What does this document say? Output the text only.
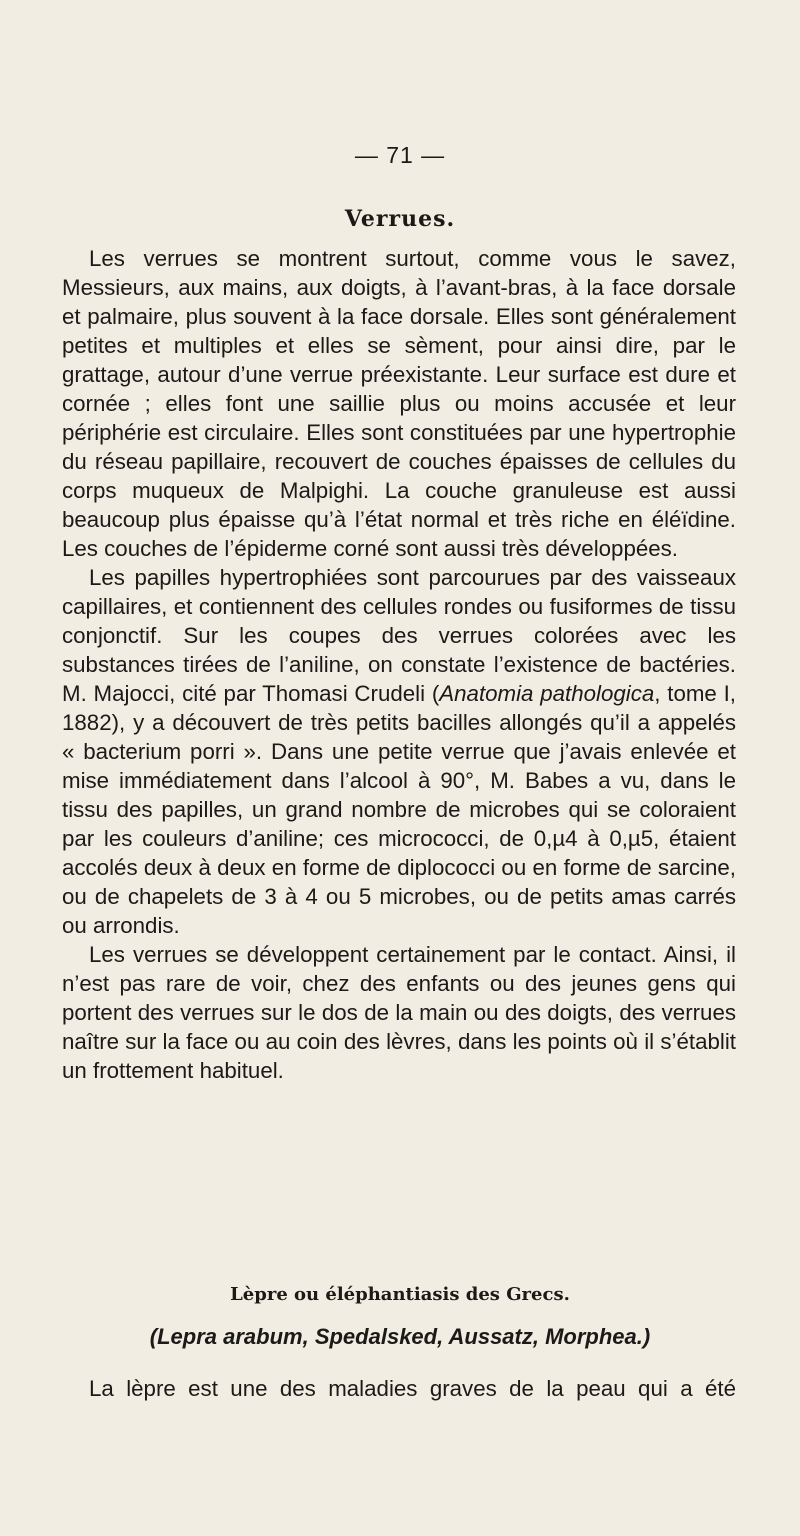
— 71 —
Verrues.

Les verrues se montrent surtout, comme vous le savez, Messieurs, aux mains, aux doigts, à l’avant-bras, à la face dorsale et palmaire, plus souvent à la face dorsale. Elles sont généralement petites et multiples et elles se sèment, pour ainsi dire, par le grattage, autour d’une verrue préexistante. Leur surface est dure et cornée ; elles font une saillie plus ou moins accusée et leur périphérie est circulaire. Elles sont constituées par une hypertrophie du réseau papillaire, recouvert de couches épaisses de cellules du corps muqueux de Malpighi. La couche granuleuse est aussi beaucoup plus épaisse qu’à l’état normal et très riche en éléïdine. Les couches de l’épiderme corné sont aussi très développées.

Les papilles hypertrophiées sont parcourues par des vaisseaux capillaires, et contiennent des cellules rondes ou fusiformes de tissu conjonctif. Sur les coupes des verrues colorées avec les substances tirées de l’aniline, on constate l’existence de bactéries. M. Majocci, cité par Thomasi Crudeli (Anatomia pathologica, tome I, 1882), y a découvert de très petits bacilles allongés qu’il a appelés « bacterium porri ». Dans une petite verrue que j’avais enlevée et mise immédiatement dans l’alcool à 90°, M. Babes a vu, dans le tissu des papilles, un grand nombre de microbes qui se coloraient par les couleurs d’aniline; ces micrococci, de 0,µ4 à 0,µ5, étaient accolés deux à deux en forme de diplococci ou en forme de sarcine, ou de chapelets de 3 à 4 ou 5 microbes, ou de petits amas carrés ou arrondis.

Les verrues se développent certainement par le contact. Ainsi, il n’est pas rare de voir, chez des enfants ou des jeunes gens qui portent des verrues sur le dos de la main ou des doigts, des verrues naître sur la face ou au coin des lèvres, dans les points où il s’établit un frottement habituel.

Lèpre ou éléphantiasis des Grecs.
(Lepra arabum, Spedalsked, Aussatz, Morphea.)
La lèpre est une des maladies graves de la peau qui a été
